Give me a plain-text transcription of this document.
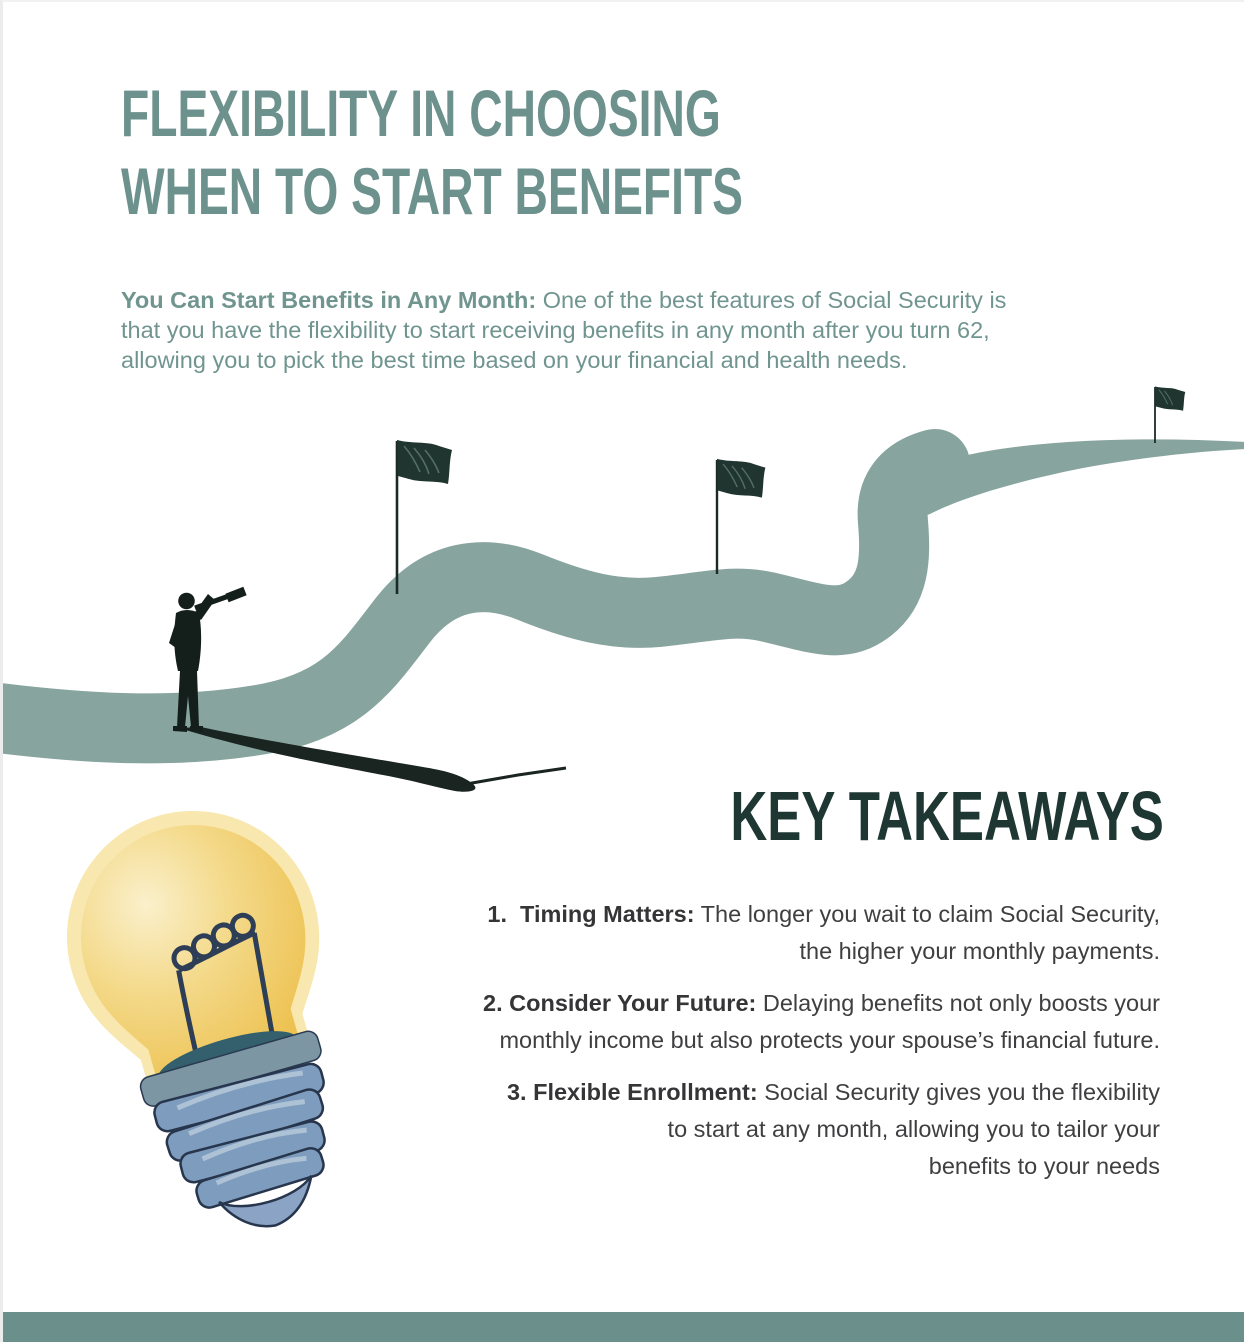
FLEXIBILITY IN CHOOSING
WHEN TO START BENEFITS

You Can Start Benefits in Any Month: One of the best features of Social Security is
that you have the flexibility to start receiving benefits in any month after you turn 62,
allowing you to pick the best time based on your financial and health needs.

KEY TAKEAWAYS
1.  Timing Matters: The longer you wait to claim Social Security,
the higher your monthly payments.
2. Consider Your Future: Delaying benefits not only boosts your
monthly income but also protects your spouse’s financial future.
3. Flexible Enrollment: Social Security gives you the flexibility
to start at any month, allowing you to tailor your
benefits to your needs
